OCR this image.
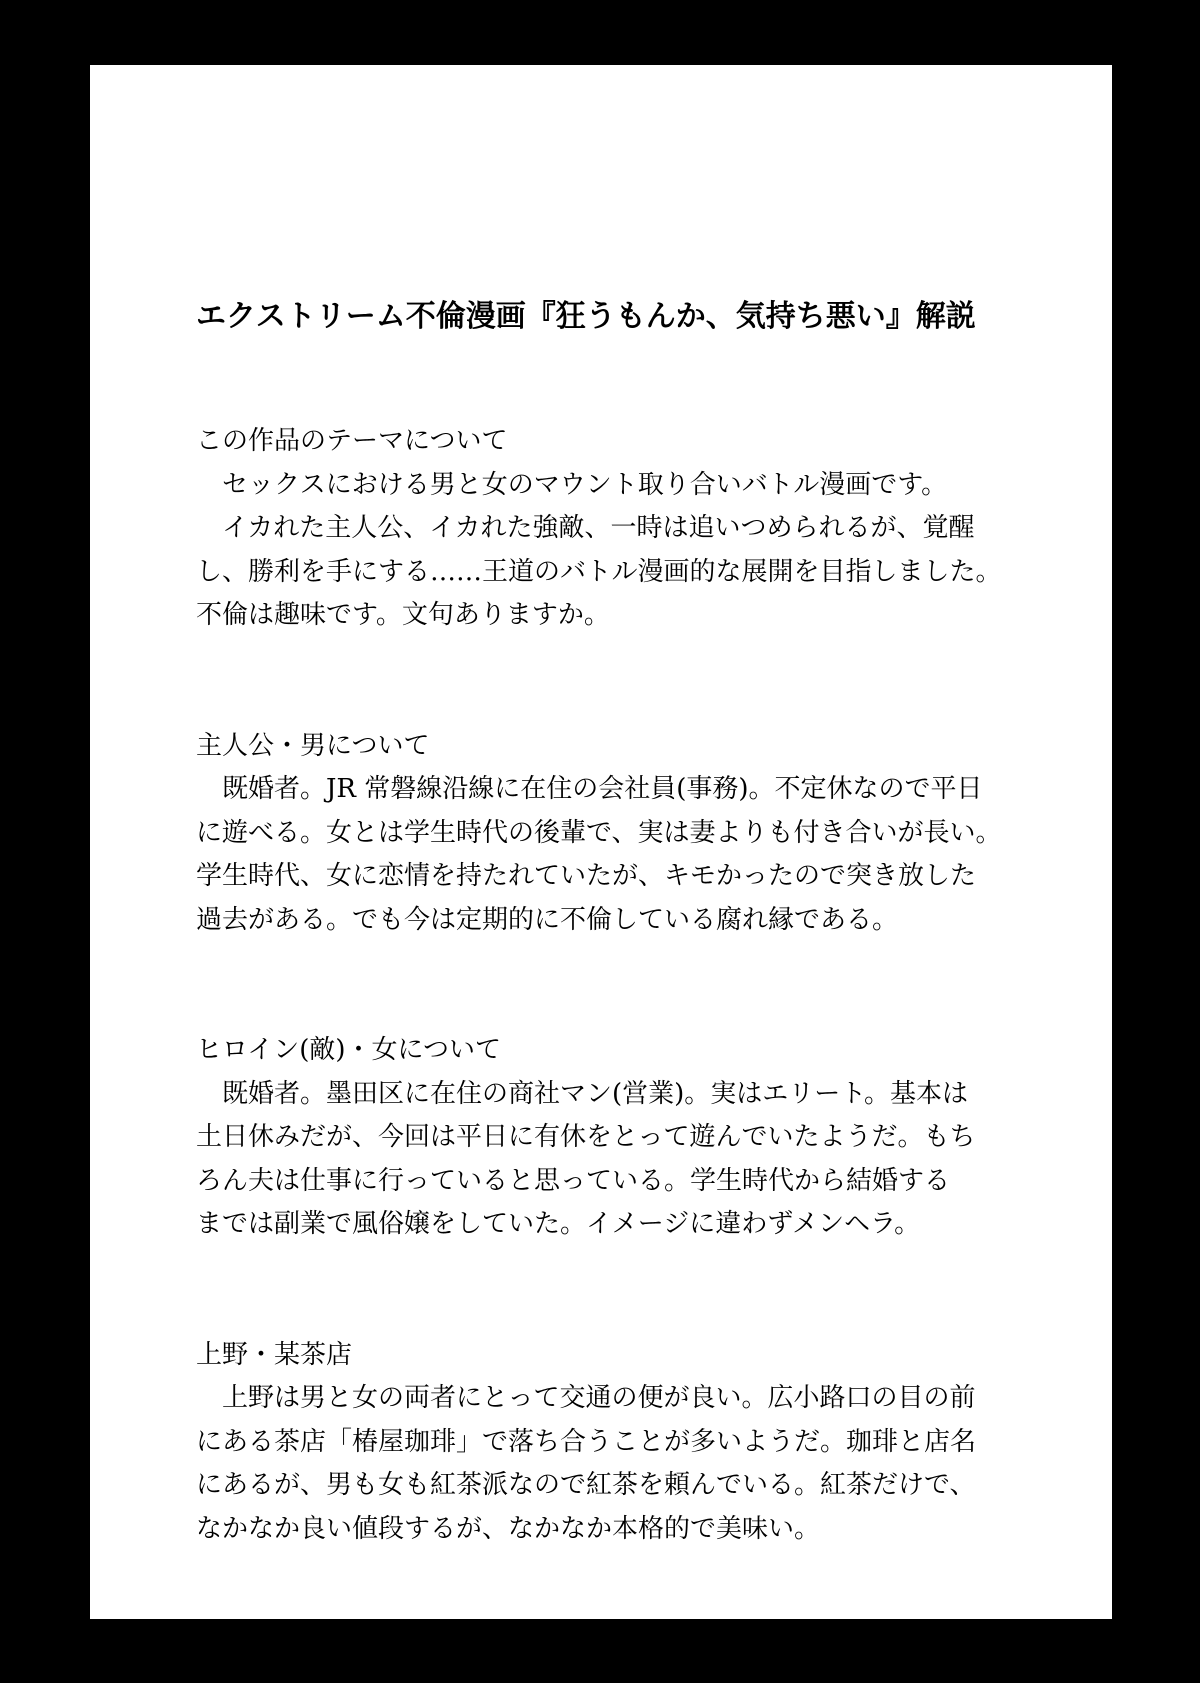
エクストリーム不倫漫画『狂うもんか、気持ち悪い』解説
この作品のテーマについて
　セックスにおける男と女のマウント取り合いバトル漫画です。
　イカれた主人公、イカれた強敵、一時は追いつめられるが、覚醒
し、勝利を手にする……王道のバトル漫画的な展開を目指しました。
不倫は趣味です。文句ありますか。
主人公・男について
　既婚者。JR 常磐線沿線に在住の会社員(事務)。不定休なので平日
に遊べる。女とは学生時代の後輩で、実は妻よりも付き合いが長い。
学生時代、女に恋情を持たれていたが、キモかったので突き放した
過去がある。でも今は定期的に不倫している腐れ縁である。
ヒロイン(敵)・女について
　既婚者。墨田区に在住の商社マン(営業)。実はエリート。基本は
土日休みだが、今回は平日に有休をとって遊んでいたようだ。もち
ろん夫は仕事に行っていると思っている。学生時代から結婚する
までは副業で風俗嬢をしていた。イメージに違わずメンヘラ。
上野・某茶店
　上野は男と女の両者にとって交通の便が良い。広小路口の目の前
にある茶店「椿屋珈琲」で落ち合うことが多いようだ。珈琲と店名
にあるが、男も女も紅茶派なので紅茶を頼んでいる。紅茶だけで、
なかなか良い値段するが、なかなか本格的で美味い。
